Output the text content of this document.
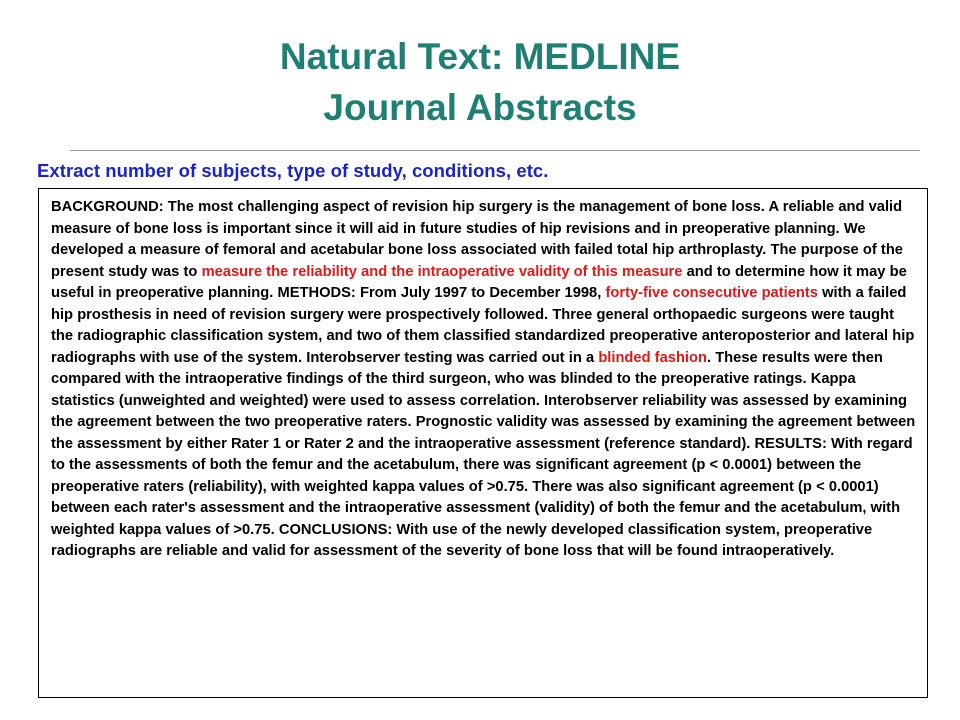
Natural Text: MEDLINE
Journal Abstracts
Extract number of subjects, type of study, conditions, etc.

BACKGROUND: The most challenging aspect of revision hip surgery is the management of bone loss. A reliable and valid measure of bone loss is important since it will aid in future studies of hip revisions and in preoperative planning. We developed a measure of femoral and acetabular bone loss associated with failed total hip arthroplasty. The purpose of the present study was to measure the reliability and the intraoperative validity of this measure and to determine how it may be useful in preoperative planning. METHODS: From July 1997 to December 1998, forty-five consecutive patients with a failed hip prosthesis in need of revision surgery were prospectively followed. Three general orthopaedic surgeons were taught the radiographic classification system, and two of them classified standardized preoperative anteroposterior and lateral hip radiographs with use of the system. Interobserver testing was carried out in a blinded fashion. These results were then compared with the intraoperative findings of the third surgeon, who was blinded to the preoperative ratings. Kappa statistics (unweighted and weighted) were used to assess correlation. Interobserver reliability was assessed by examining the agreement between the two preoperative raters. Prognostic validity was assessed by examining the agreement between the assessment by either Rater 1 or Rater 2 and the intraoperative assessment (reference standard). RESULTS: With regard to the assessments of both the femur and the acetabulum, there was significant agreement (p < 0.0001) between the preoperative raters (reliability), with weighted kappa values of >0.75. There was also significant agreement (p < 0.0001) between each rater's assessment and the intraoperative assessment (validity) of both the femur and the acetabulum, with weighted kappa values of >0.75. CONCLUSIONS: With use of the newly developed classification system, preoperative radiographs are reliable and valid for assessment of the severity of bone loss that will be found intraoperatively.
